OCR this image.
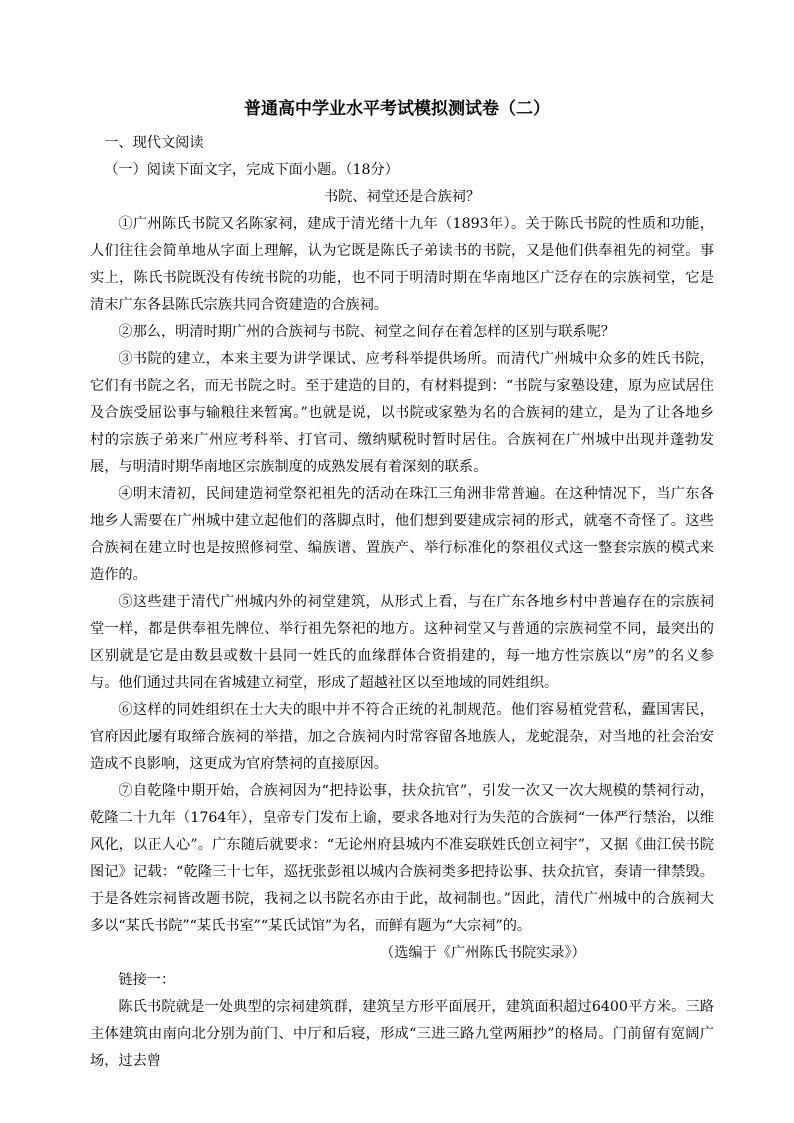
普通高中学业水平考试模拟测试卷（二）

一、现代文阅读

（一）阅读下面文字，完成下面小题。（18分）

书院、祠堂还是合族祠？

①广州陈氏书院又名陈家祠，建成于清光绪十九年（1893年）。关于陈氏书院的性质和功能，人们往往会简单地从字面上理解，认为它既是陈氏子弟读书的书院，又是他们供奉祖先的祠堂。事实上，陈氏书院既没有传统书院的功能，也不同于明清时期在华南地区广泛存在的宗族祠堂，它是清末广东各县陈氏宗族共同合资建造的合族祠。

②那么，明清时期广州的合族祠与书院、祠堂之间存在着怎样的区别与联系呢？

③书院的建立，本来主要为讲学课试、应考科举提供场所。而清代广州城中众多的姓氏书院，它们有书院之名，而无书院之时。至于建造的目的，有材料提到：“书院与家塾设建，原为应试居住及合族受屈讼事与输粮往来暂寓。”也就是说，以书院或家塾为名的合族祠的建立，是为了让各地乡村的宗族子弟来广州应考科举、打官司、缴纳赋税时暂时居住。合族祠在广州城中出现并蓬勃发展，与明清时期华南地区宗族制度的成熟发展有着深刻的联系。

④明末清初，民间建造祠堂祭祀祖先的活动在珠江三角洲非常普遍。在这种情况下，当广东各地乡人需要在广州城中建立起他们的落脚点时，他们想到要建成宗祠的形式，就毫不奇怪了。这些合族祠在建立时也是按照修祠堂、编族谱、置族产、举行标准化的祭祖仪式这一整套宗族的模式来造作的。

⑤这些建于清代广州城内外的祠堂建筑，从形式上看，与在广东各地乡村中普遍存在的宗族祠堂一样，都是供奉祖先牌位、举行祖先祭祀的地方。这种祠堂又与普通的宗族祠堂不同，最突出的区别就是它是由数县或数十县同一姓氏的血缘群体合资捐建的，每一地方性宗族以“房”的名义参与。他们通过共同在省城建立祠堂，形成了超越社区以至地域的同姓组织。

⑥这样的同姓组织在士大夫的眼中并不符合正统的礼制规范。他们容易植党营私，蠹国害民，官府因此屡有取缔合族祠的举措，加之合族祠内时常容留各地族人，龙蛇混杂，对当地的社会治安造成不良影响，这更成为官府禁祠的直接原因。

⑦自乾隆中期开始，合族祠因为“把持讼事，扶众抗官”，引发一次又一次大规模的禁祠行动，乾隆二十九年（1764年），皇帝专门发布上谕，要求各地对行为失范的合族祠“一体严行禁治，以维风化，以正人心”。广东随后就要求：“无论州府县城内不准妄联姓氏创立祠宇”，又据《曲江侯书院图记》记载：“乾隆三十七年，巡抚张彭祖以城内合族祠类多把持讼事、扶众抗官，奏请一律禁毁。于是各姓宗祠皆改题书院，我祠之以书院名亦由于此，故祠制也。”因此，清代广州城中的合族祠大多以“某氏书院”“某氏书室”“某氏试馆”为名，而鲜有题为“大宗祠”的。

（选编于《广州陈氏书院实录》）

链接一：

陈氏书院就是一处典型的宗祠建筑群，建筑呈方形平面展开，建筑面积超过6400平方米。三路主体建筑由南向北分别为前门、中厅和后寝，形成“三进三路九堂两厢抄”的格局。门前留有宽阔广场，过去曾
